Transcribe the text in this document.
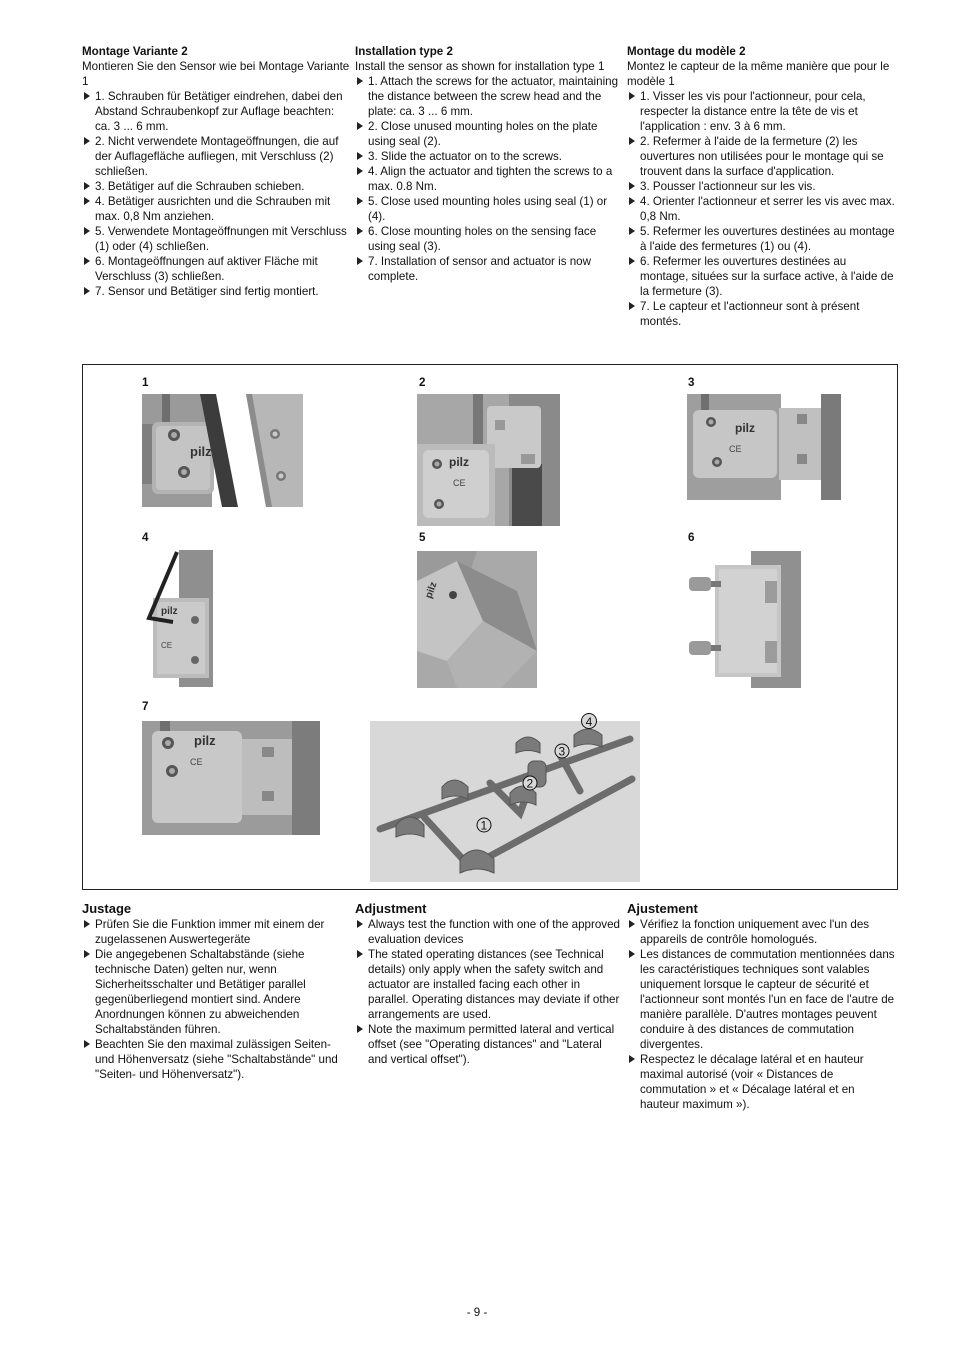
Montage Variante 2

Montieren Sie den Sensor wie bei Montage Variante 1

1. Schrauben für Betätiger eindrehen, dabei den Abstand Schraubenkopf zur Auflage beachten: ca. 3 ... 6 mm.
2. Nicht verwendete Montageöffnungen, die auf der Auflagefläche aufliegen, mit Verschluss (2) schließen.
3. Betätiger auf die Schrauben schieben.
4. Betätiger ausrichten und die Schrauben mit max. 0,8 Nm anziehen.
5. Verwendete Montageöffnungen mit Verschluss (1) oder (4) schließen.
6. Montageöffnungen auf aktiver Fläche mit Verschluss (3) schließen.
7. Sensor und Betätiger sind fertig montiert.
Installation type 2

Install the sensor as shown for installation type 1

1. Attach the screws for the actuator, maintaining the distance between the screw head and the plate: ca. 3 ... 6 mm.
2. Close unused mounting holes on the plate using seal (2).
3. Slide the actuator on to the screws.
4. Align the actuator and tighten the screws to a max. 0.8 Nm.
5. Close used mounting holes using seal (1) or (4).
6. Close mounting holes on the sensing face using seal (3).
7. Installation of sensor and actuator is now complete.
Montage du modèle 2

Montez le capteur de la même manière que pour le modèle 1

1. Visser les vis pour l'actionneur, pour cela, respecter la distance entre la tête de vis et l'application : env. 3 à 6 mm.
2. Refermer à l'aide de la fermeture (2) les ouvertures non utilisées pour le montage qui se trouvent dans la surface d'application.
3. Pousser l'actionneur sur les vis.
4. Orienter l'actionneur et serrer les vis avec max. 0,8 Nm.
5. Refermer les ouvertures destinées au montage à l'aide des fermetures (1) ou (4).
6. Refermer les ouvertures destinées au montage, situées sur la surface active, à l'aide de la fermeture (3).
7. Le capteur et l'actionneur sont à présent montés.
1	2	3
4	5	6
7
pilz
pilz
CE
pilz
CE
pilz
CE
pilz
pilz
CE
1
2
3
4
Justage
Prüfen Sie die Funktion immer mit einem der zugelassenen Auswertegeräte
Die angegebenen Schaltabstände (siehe technische Daten) gelten nur, wenn Sicherheitsschalter und Betätiger parallel gegenüberliegend montiert sind. Andere Anordnungen können zu abweichenden Schaltabständen führen.
Beachten Sie den maximal zulässigen Seiten- und Höhenversatz (siehe "Schaltabstände" und "Seiten- und Höhenversatz").
Adjustment
Always test the function with one of the approved evaluation devices
The stated operating distances (see Technical details) only apply when the safety switch and actuator are installed facing each other in parallel. Operating distances may deviate if other arrangements are used.
Note the maximum permitted lateral and vertical offset (see "Operating distances" and "Lateral and vertical offset").
Ajustement
Vérifiez la fonction uniquement avec l'un des appareils de contrôle homologués.
Les distances de commutation mentionnées dans les caractéristiques techniques sont valables uniquement lorsque le capteur de sécurité et l'actionneur sont montés l'un en face de l'autre de manière parallèle. D'autres montages peuvent conduire à des distances de commutation divergentes.
Respectez le décalage latéral et en hauteur maximal autorisé (voir « Distances de commutation » et « Décalage latéral et en hauteur maximum »).
- 9 -
